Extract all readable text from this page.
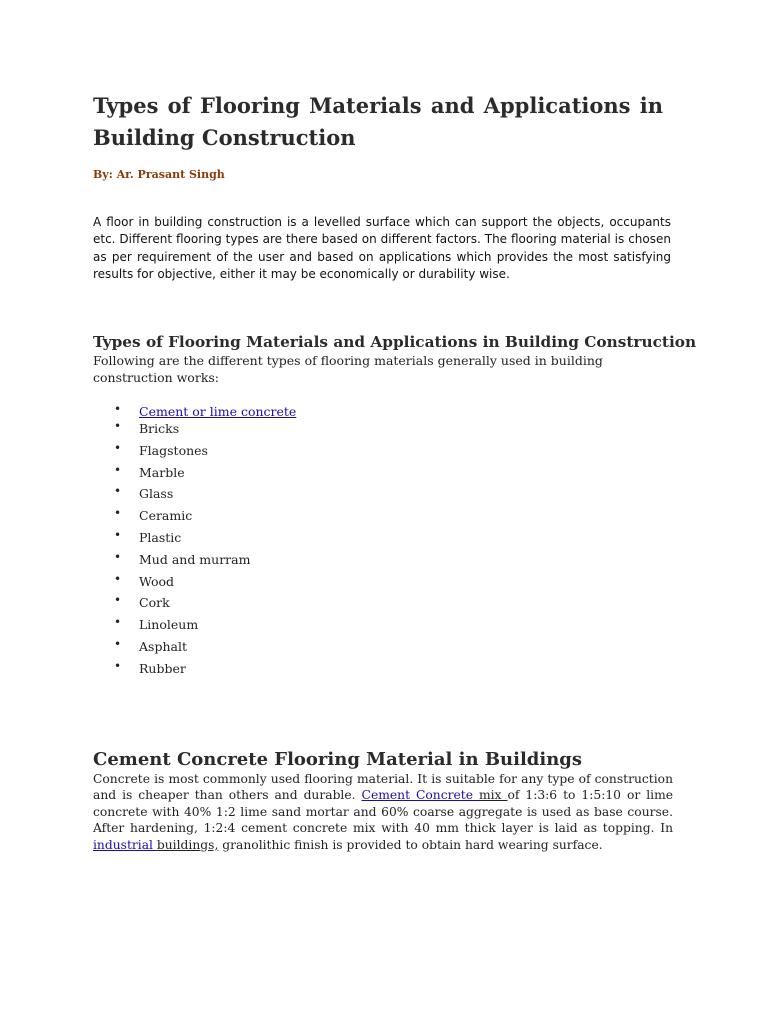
Types of Flooring Materials and Applications in Building Construction

By: Ar. Prasant Singh

A floor in building construction is a levelled surface which can support the objects, occupants etc. Different flooring types are there based on different factors. The flooring material is chosen as per requirement of the user and based on applications which provides the most satisfying results for objective, either it may be economically or durability wise.

Types of Flooring Materials and Applications in Building Construction

Following are the different types of flooring materials generally used in building construction works:

• Cement or lime concrete
• Bricks
• Flagstones
• Marble
• Glass
• Ceramic
• Plastic
• Mud and murram
• Wood
• Cork
• Linoleum
• Asphalt
• Rubber
Cement Concrete Flooring Material in Buildings

Concrete is most commonly used flooring material. It is suitable for any type of construction and is cheaper than others and durable. Cement Concrete mix of 1:3:6 to 1:5:10 or lime concrete with 40% 1:2 lime sand mortar and 60% coarse aggregate is used as base course. After hardening, 1:2:4 cement concrete mix with 40 mm thick layer is laid as topping. In industrial buildings, granolithic finish is provided to obtain hard wearing surface.
